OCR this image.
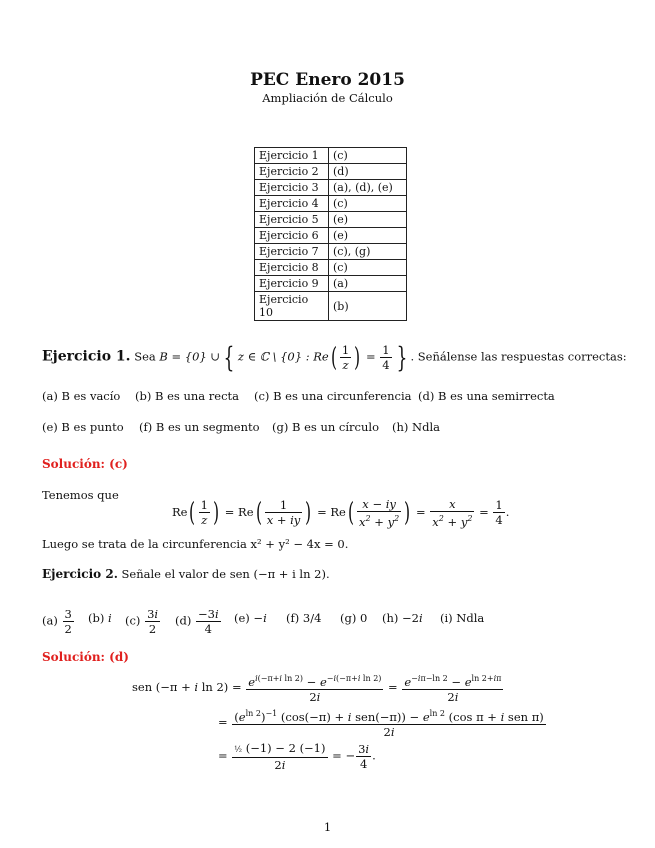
PEC Enero 2015
Ampliación de Cálculo
Ejercicio 1	(c)
Ejercicio 2	(d)
Ejercicio 3	(a), (d), (e)
Ejercicio 4	(c)
Ejercicio 5	(e)
Ejercicio 6	(e)
Ejercicio 7	(c), (g)
Ejercicio 8	(c)
Ejercicio 9	(a)
Ejercicio 10	(b)
Ejercicio 1. Sea B = {0} ∪ { z ∈ ℂ \ {0} : $Re( \frac{1}{z}$ ) = $\frac{1}{4}$ } . Señálense las respuestas correctas:
(a) B es vacío (b) B es una recta (c) B es una circunferencia (d) B es una semirrecta
(e) B es punto (f) B es un segmento (g) B es un círculo (h) Ndla
Solución: (c)
Tenemos que
$Re( \frac{1}{z}$ ) = $Re( \frac{1}{x + iy}$ ) = $Re( \frac{x - iy}{x^2 + y^2}$ ) = $\frac{x}{x^2 + y^2} = \frac{1}{4}$ .
Luego se trata de la circunferencia x² + y² − 4x = 0.
Ejercicio 2. Señale el valor de sen (−π + i ln 2).
$(a) \frac{3}{2} (b)$ i $(c) \frac{3i}{2} (d) \frac{-3i}{4} (e) -i$ (f) 3/4 (g) 0 (h) −2i (i) Ndla
Solución: (d)
sen (−π + i $\ln 2) = \frac{e^{i(-\pi+i ln 2)} - e^{-i(-\pi+i ln 2)}}{2i} = \frac{e^{-i\pi-ln 2} - e^{ln 2+i\pi}}{2i}$
= $\frac{(e^{ln 2})^{-1} (\cos(-\pi) + i sen(-\pi)) - e^{ln 2} (\cos \pi + i sen \pi)}{2i}$
= $\frac{\text{½ (−1) − 2 (−1)}}{2i}$ = − $\frac{3i}{4}$ .
1
